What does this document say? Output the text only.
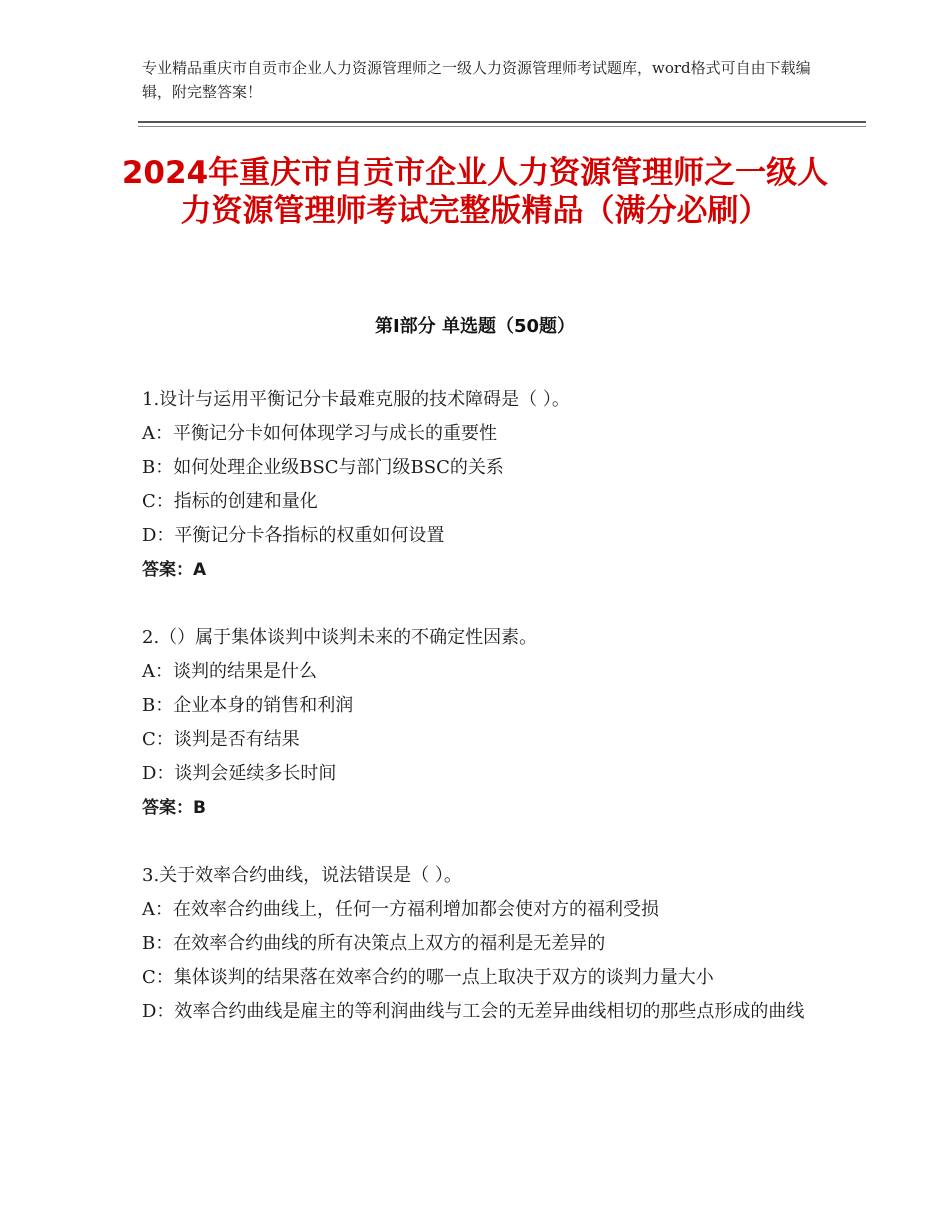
专业精品重庆市自贡市企业人力资源管理师之一级人力资源管理师考试题库，word格式可自由下载编辑，附完整答案！
2024年重庆市自贡市企业人力资源管理师之一级人力资源管理师考试完整版精品（满分必刷）
第Ⅰ部分 单选题（50题）
1.设计与运用平衡记分卡最难克服的技术障碍是（ ）。
A：平衡记分卡如何体现学习与成长的重要性
B：如何处理企业级BSC与部门级BSC的关系
C：指标的创建和量化
D：平衡记分卡各指标的权重如何设置
答案：A
2.（）属于集体谈判中谈判未来的不确定性因素。
A：谈判的结果是什么
B：企业本身的销售和利润
C：谈判是否有结果
D：谈判会延续多长时间
答案：B
3.关于效率合约曲线，说法错误是（ ）。
A：在效率合约曲线上，任何一方福利增加都会使对方的福利受损
B：在效率合约曲线的所有决策点上双方的福利是无差异的
C：集体谈判的结果落在效率合约的哪一点上取决于双方的谈判力量大小
D：效率合约曲线是雇主的等利润曲线与工会的无差异曲线相切的那些点形成的曲线
